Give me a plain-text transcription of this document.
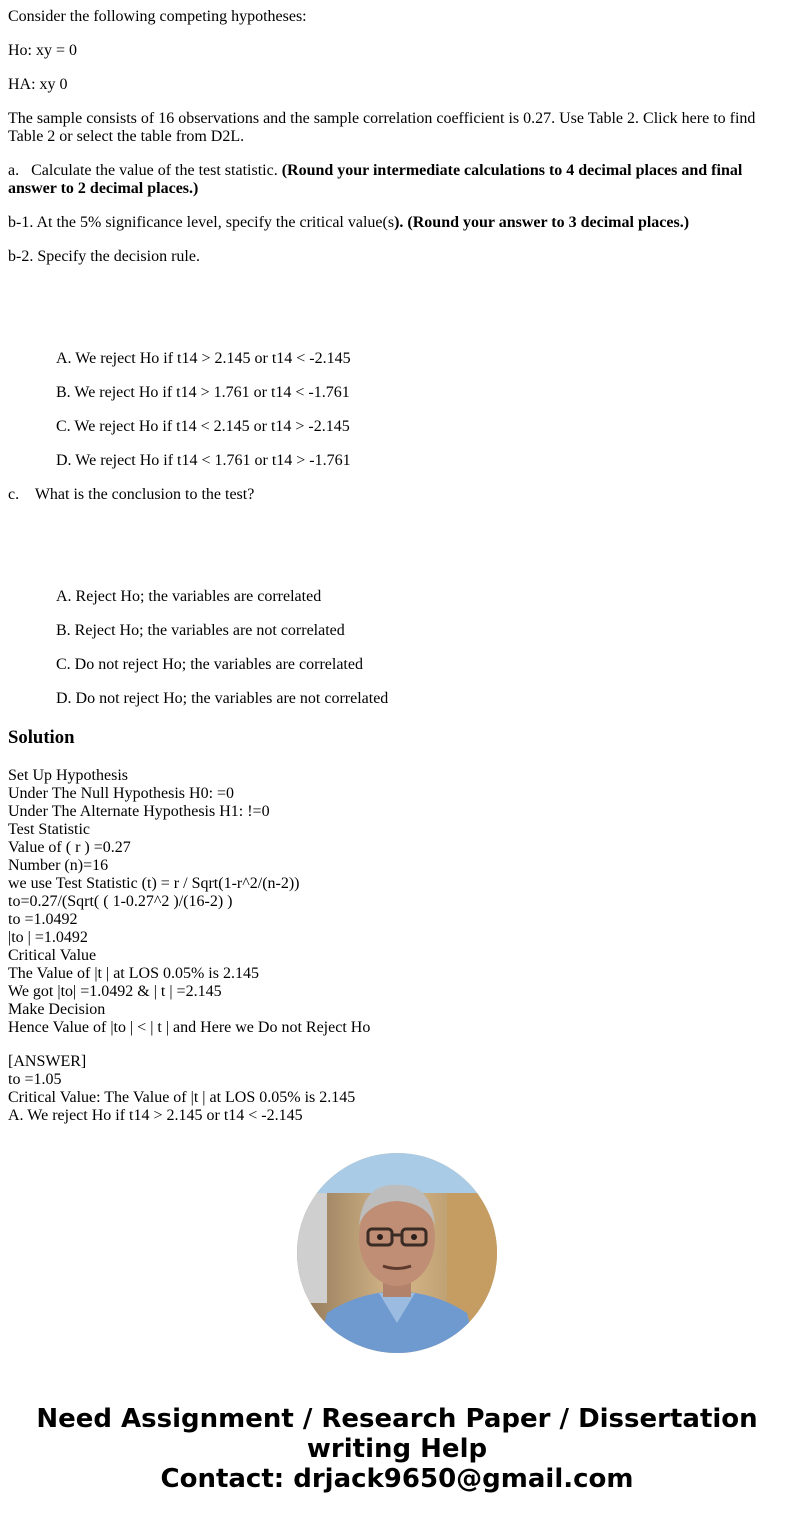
Consider the following competing hypotheses:

Ho: xy = 0

HA: xy 0

The sample consists of 16 observations and the sample correlation coefficient is 0.27. Use Table 2. Click here to find Table 2 or select the table from D2L.

a.   Calculate the value of the test statistic. (Round your intermediate calculations to 4 decimal places and final answer to 2 decimal places.)

b-1. At the 5% significance level, specify the critical value(s). (Round your answer to 3 decimal places.)

b-2. Specify the decision rule.

A. We reject Ho if t14 > 2.145 or t14 < -2.145

B. We reject Ho if t14 > 1.761 or t14 < -1.761

C. We reject Ho if t14 < 2.145 or t14 > -2.145

D. We reject Ho if t14 < 1.761 or t14 > -1.761

c.    What is the conclusion to the test?

A. Reject Ho; the variables are correlated

B. Reject Ho; the variables are not correlated

C. Do not reject Ho; the variables are correlated

D. Do not reject Ho; the variables are not correlated

Solution
Set Up Hypothesis
Under The Null Hypothesis H0: =0
Under The Alternate Hypothesis H1: !=0
Test Statistic
Value of ( r ) =0.27
Number (n)=16
we use Test Statistic (t) = r / Sqrt(1-r^2/(n-2))
to=0.27/(Sqrt( ( 1-0.27^2 )/(16-2) )
to =1.0492
|to | =1.0492
Critical Value
The Value of |t | at LOS 0.05% is 2.145
We got |to| =1.0492 & | t | =2.145
Make Decision
Hence Value of |to | < | t | and Here we Do not Reject Ho
[ANSWER]
to =1.05
Critical Value: The Value of |t | at LOS 0.05% is 2.145
A. We reject Ho if t14 > 2.145 or t14 < -2.145
Need Assignment / Research Paper / Dissertation
writing Help
Contact: drjack9650@gmail.com
